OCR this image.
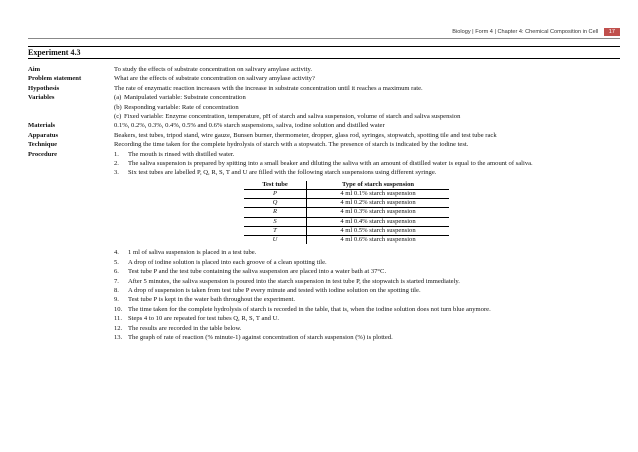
Biology | Form 4 | Chapter 4: Chemical Composition in Cell 17
Experiment 4.3
Aim	To study the effects of substrate concentration on salivary amylase activity.
Problem statement	What are the effects of substrate concentration on salivary amylase activity?
Hypothesis	The rate of enzymatic reaction increases with the increase in substrate concentration until it reaches a maximum rate.
Variables	(a) Manipulated variable: Substrate concentration
(b) Responding variable: Rate of concentration
(c) Fixed variable: Enzyme concentration, temperature, pH of starch and saliva suspension, volume of starch and saliva suspension
Materials	0.1%, 0.2%, 0.3%, 0.4%, 0.5% and 0.6% starch suspensions, saliva, iodine solution and distilled water
Apparatus	Beakers, test tubes, tripod stand, wire gauze, Bunsen burner, thermometer, dropper, glass rod, syringes, stopwatch, spotting tile and test tube rack
Technique	Recording the time taken for the complete hydrolysis of starch with a stopwatch. The presence of starch is indicated by the iodine test.
Procedure	1.	The mouth is rinsed with distilled water.
2.	The saliva suspension is prepared by spitting into a small beaker and diluting the saliva with an amount of distilled water is equal to the amount of saliva.
3.	Six test tubes are labelled P, Q, R, S, T and U are filled with the following starch suspensions using different syringe.
Test tube	Type of starch suspension
P	4 ml 0.1% starch suspension
Q	4 ml 0.2% starch suspension
R	4 ml 0.3% starch suspension
S	4 ml 0.4% starch suspension
T	4 ml 0.5% starch suspension
U	4 ml 0.6% starch suspension
4.	1 ml of saliva suspension is placed in a test tube.
5.	A drop of iodine solution is placed into each groove of a clean spotting tile.
6.	Test tube P and the test tube containing the saliva suspension are placed into a water bath at 37°C.
7.	After 5 minutes, the saliva suspension is poured into the starch suspension in test tube P, the stopwatch is started immediately.
8.	A drop of suspension is taken from test tube P every minute and tested with iodine solution on the spotting tile.
9.	Test tube P is kept in the water bath throughout the experiment.
10. The time taken for the complete hydrolysis of starch is recorded in the table, that is, when the iodine solution does not turn blue anymore.
11. Steps 4 to 10 are repeated for test tubes Q, R, S, T and U.
12. The results are recorded in the table below.
13. The graph of rate of reaction (% minute-1) against concentration of starch suspension (%) is plotted.
